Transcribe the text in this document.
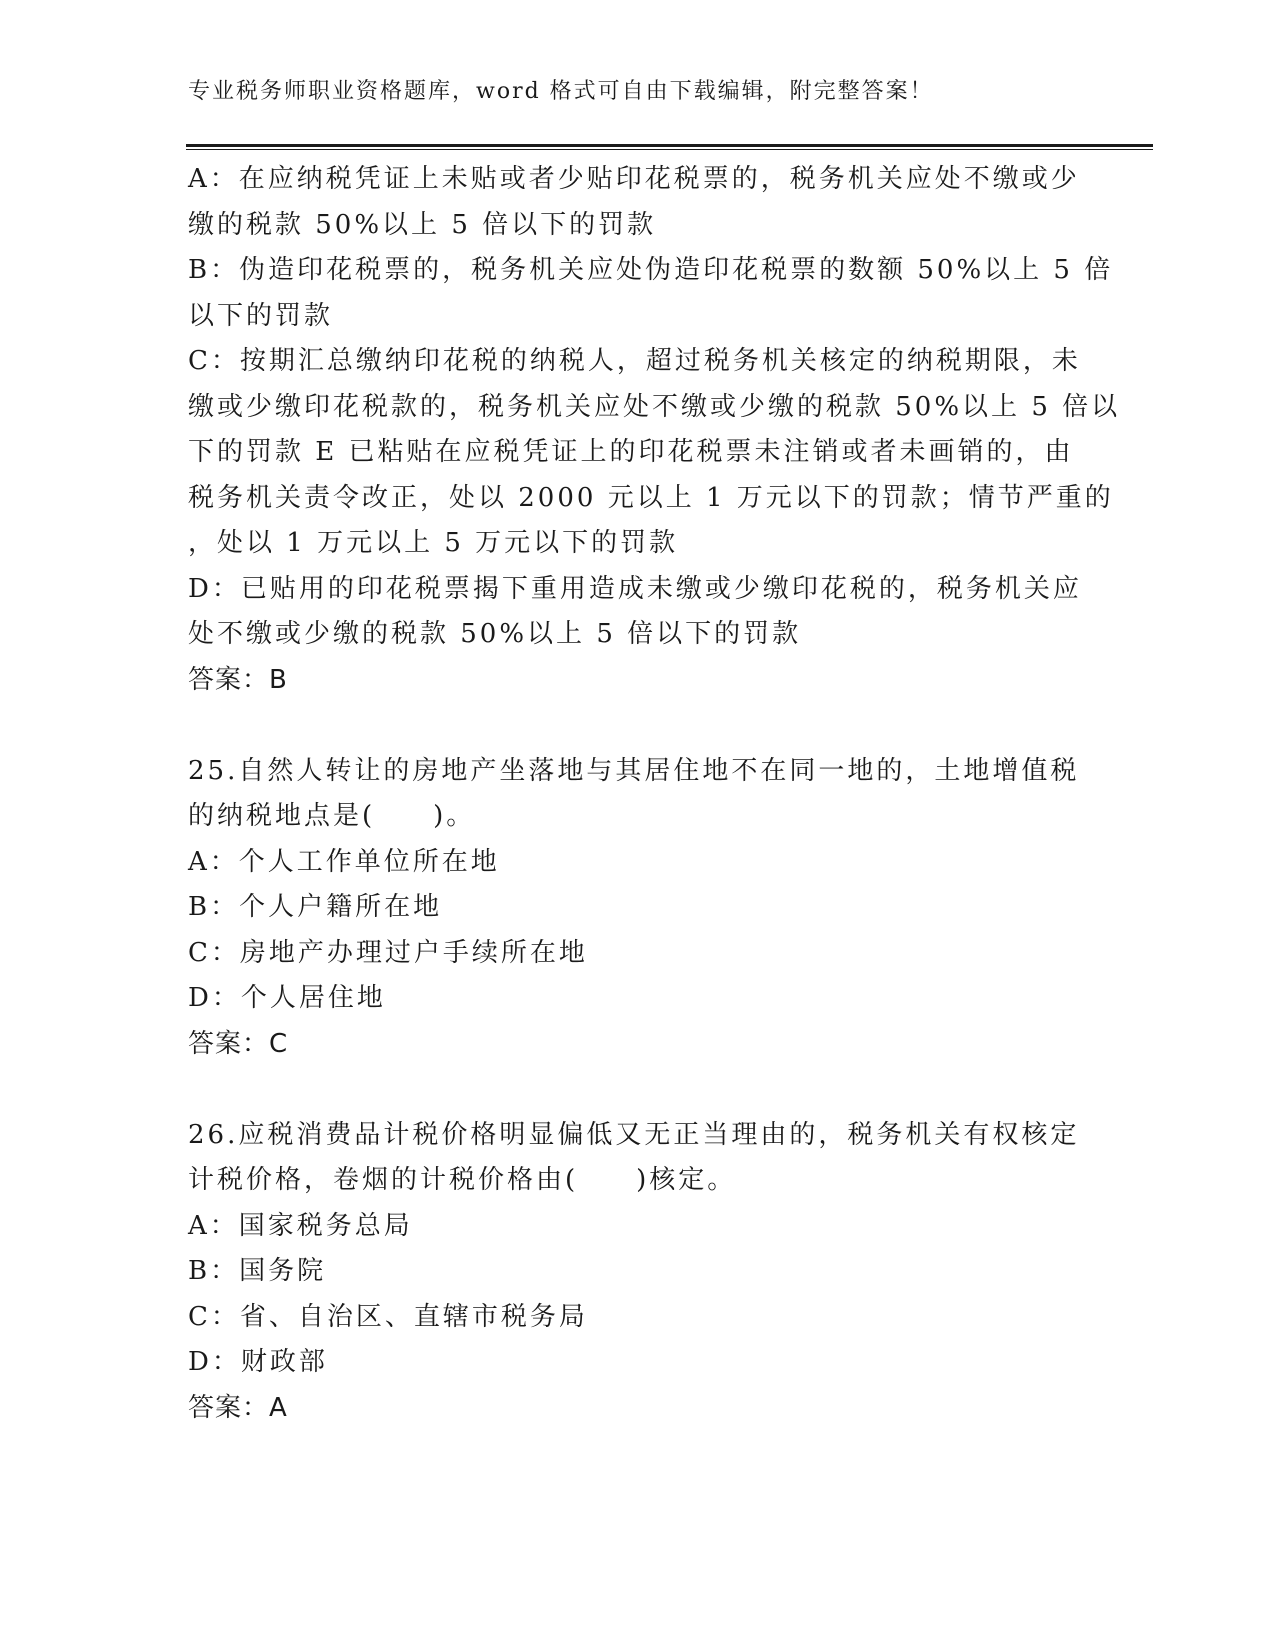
专业税务师职业资格题库，word 格式可自由下载编辑，附完整答案！
A：在应纳税凭证上未贴或者少贴印花税票的，税务机关应处不缴或少
缴的税款 50%以上 5 倍以下的罚款
B：伪造印花税票的，税务机关应处伪造印花税票的数额 50%以上 5 倍
以下的罚款
C：按期汇总缴纳印花税的纳税人，超过税务机关核定的纳税期限，未
缴或少缴印花税款的，税务机关应处不缴或少缴的税款 50%以上 5 倍以
下的罚款 E 已粘贴在应税凭证上的印花税票未注销或者未画销的，由
税务机关责令改正，处以 2000 元以上 1 万元以下的罚款；情节严重的
，处以 1 万元以上 5 万元以下的罚款
D：已贴用的印花税票揭下重用造成未缴或少缴印花税的，税务机关应
处不缴或少缴的税款 50%以上 5 倍以下的罚款
答案：B
25.自然人转让的房地产坐落地与其居住地不在同一地的，土地增值税
的纳税地点是(　　)。
A：个人工作单位所在地
B：个人户籍所在地
C：房地产办理过户手续所在地
D：个人居住地
答案：C
26.应税消费品计税价格明显偏低又无正当理由的，税务机关有权核定
计税价格，卷烟的计税价格由(　　)核定。
A：国家税务总局
B：国务院
C：省、自治区、直辖市税务局
D：财政部
答案：A
